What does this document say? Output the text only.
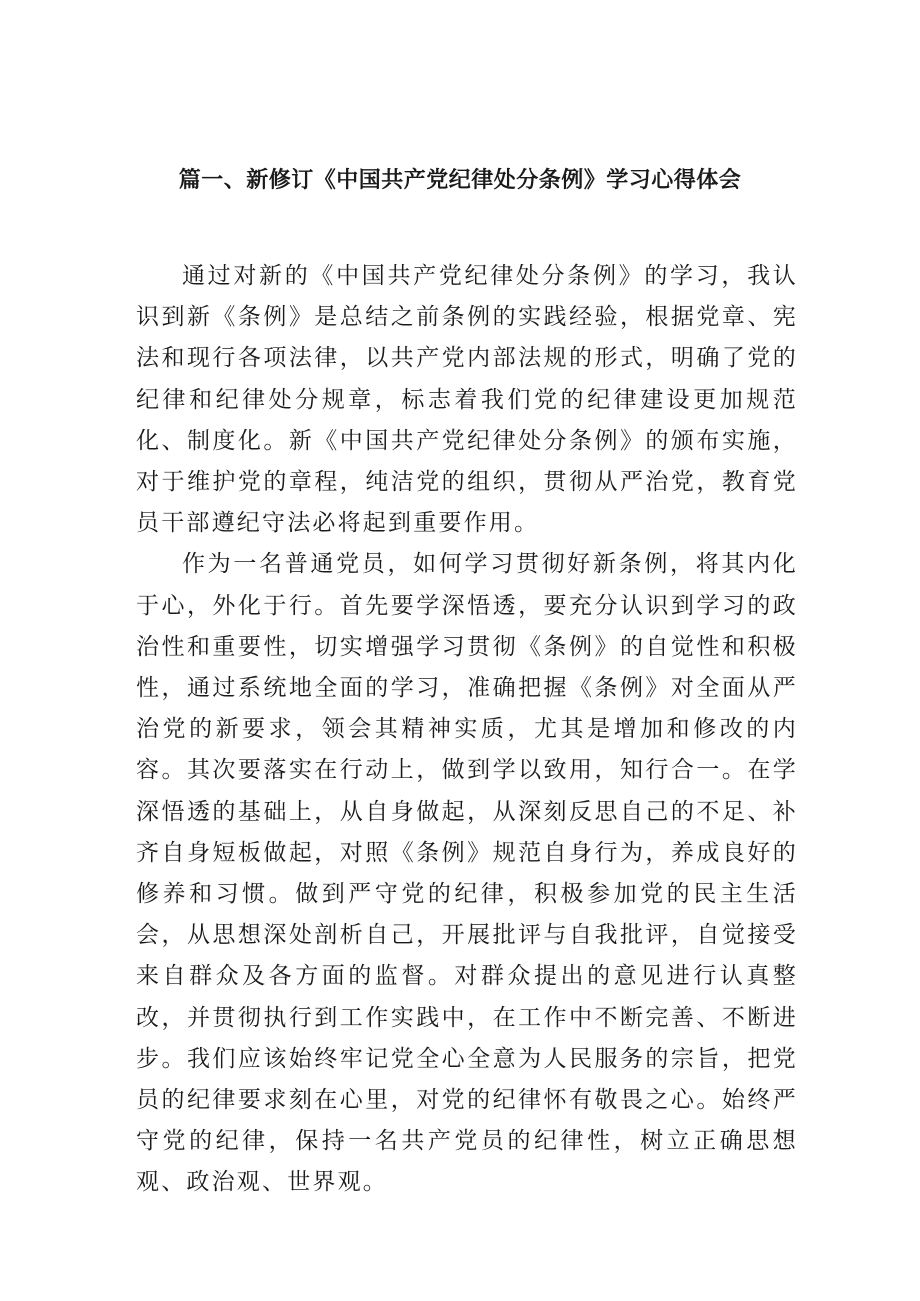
篇一、新修订《中国共产党纪律处分条例》学习心得体会

通过对新的《中国共产党纪律处分条例》的学习，我认识到新《条例》是总结之前条例的实践经验，根据党章、宪法和现行各项法律，以共产党内部法规的形式，明确了党的纪律和纪律处分规章，标志着我们党的纪律建设更加规范化、制度化。新《中国共产党纪律处分条例》的颁布实施，对于维护党的章程，纯洁党的组织，贯彻从严治党，教育党员干部遵纪守法必将起到重要作用。

作为一名普通党员，如何学习贯彻好新条例，将其内化于心，外化于行。首先要学深悟透，要充分认识到学习的政治性和重要性，切实增强学习贯彻《条例》的自觉性和积极性，通过系统地全面的学习，准确把握《条例》对全面从严治党的新要求，领会其精神实质，尤其是增加和修改的内容。其次要落实在行动上，做到学以致用，知行合一。在学深悟透的基础上，从自身做起，从深刻反思自己的不足、补齐自身短板做起，对照《条例》规范自身行为，养成良好的修养和习惯。做到严守党的纪律，积极参加党的民主生活会，从思想深处剖析自己，开展批评与自我批评，自觉接受来自群众及各方面的监督。对群众提出的意见进行认真整改，并贯彻执行到工作实践中，在工作中不断完善、不断进步。我们应该始终牢记党全心全意为人民服务的宗旨，把党员的纪律要求刻在心里，对党的纪律怀有敬畏之心。始终严守党的纪律，保持一名共产党员的纪律性，树立正确思想观、政治观、世界观。
